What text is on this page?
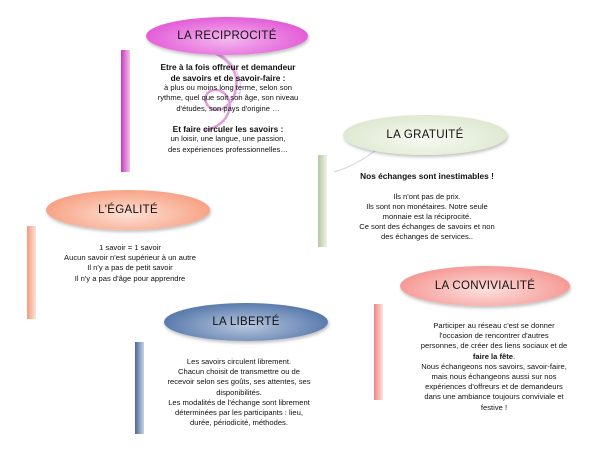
LA RECIPROCITÉ
Etre à la fois offreur et demandeur
de savoirs et de savoir-faire :
à plus ou moins long terme, selon son
rythme, quel que soit son âge, son niveau
d'études, son pays d'origine …
Et faire circuler les savoirs :
un loisir, une langue, une passion,
des expériences professionnelles…
LA GRATUITÉ
Nos échanges sont inestimables !
Ils n'ont pas de prix.
Ils sont non monétaires. Notre seule
monnaie est la réciprocité.
Ce sont des échanges de savoirs et non
des échanges de services..
L'ÉGALITÉ
1 savoir = 1 savoir
Aucun savoir n'est supérieur à un autre
Il n'y a pas de petit savoir
Il n'y a pas d'âge pour apprendre
LA CONVIVIALITÉ
Participer au réseau c'est se donner
l'occasion de rencontrer d'autres
personnes, de créer des liens sociaux et de
faire la fête.
Nous échangeons nos savoirs, savoir-faire,
mais nous échangeons aussi sur nos
expériences d'offreurs et de demandeurs
dans une ambiance toujours conviviale et
festive !
LA LIBERTÉ
Les savoirs circulent librement.
Chacun choisit de transmettre ou de
recevoir selon ses goûts, ses attentes, ses
disponibilités.
Les modalités de l'échange sont librement
déterminées par les participants : lieu,
durée, périodicité, méthodes.
